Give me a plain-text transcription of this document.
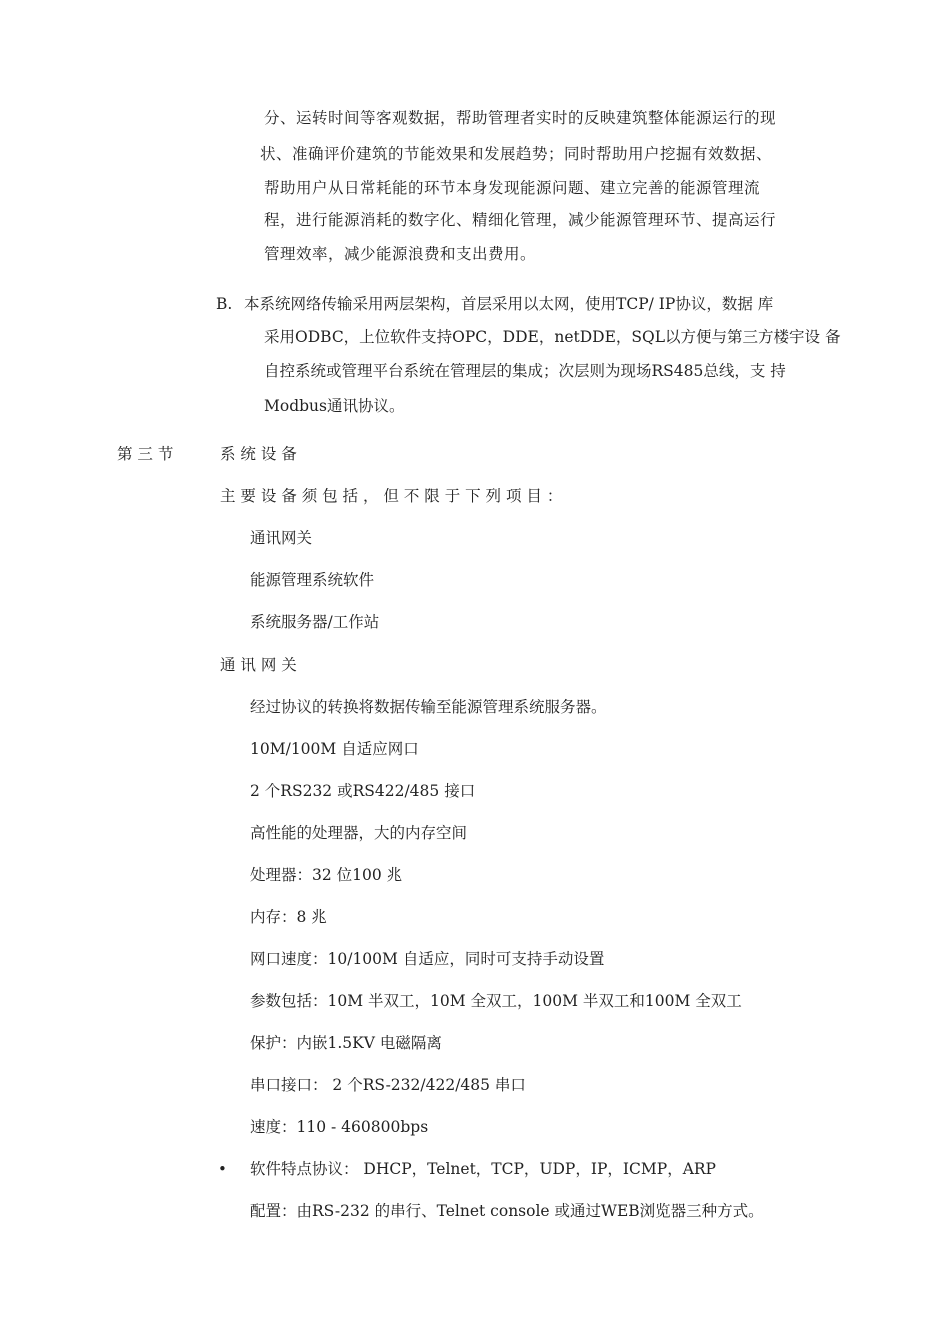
分、运转时间等客观数据，帮助管理者实时的反映建筑整体能源运行的现
状、准确评价建筑的节能效果和发展趋势；同时帮助用户挖掘有效数据、
帮助用户从日常耗能的环节本身发现能源问题、建立完善的能源管理流
程，进行能源消耗的数字化、精细化管理，减少能源管理环节、提高运行
管理效率，减少能源浪费和支出费用。
B. 本系统网络传输采用两层架构，首层采用以太网，使用TCP/ IP协议，数据 库
采用ODBC，上位软件支持OPC，DDE，netDDE，SQL以方便与第三方楼宇设 备
自控系统或管理平台系统在管理层的集成；次层则为现场RS485总线，支 持
Modbus通讯协议。
第 三 节	系 统 设 备
主 要 设 备 须 包 括 ， 但 不 限 于 下 列 项 目 ：
通讯网关
能源管理系统软件
系统服务器/工作站
通 讯 网 关
经过协议的转换将数据传输至能源管理系统服务器。
10M/100M 自适应网口
2 个RS232 或RS422/485 接口
高性能的处理器，大的内存空间
处理器：32 位100 兆
内存：8 兆
网口速度：10/100M 自适应，同时可支持手动设置
参数包括：10M 半双工，10M 全双工，100M 半双工和100M 全双工
保护：内嵌1.5KV 电磁隔离
串口接口： 2 个RS-232/422/485 串口
速度：110 - 460800bps
• 软件特点协议： DHCP，Telnet，TCP，UDP，IP，ICMP，ARP
配置：由RS-232 的串行、Telnet console 或通过WEB浏览器三种方式。
